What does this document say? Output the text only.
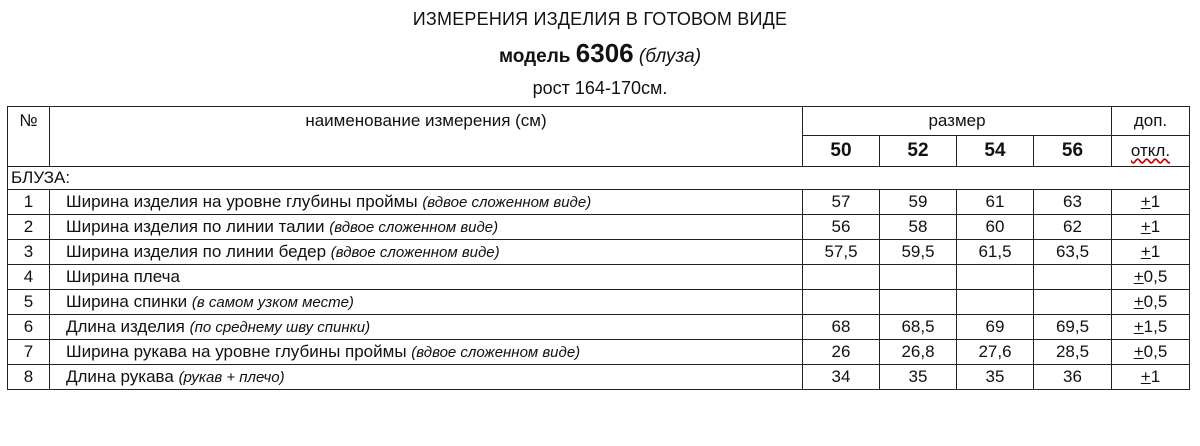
ИЗМЕРЕНИЯ ИЗДЕЛИЯ В ГОТОВОМ ВИДЕ
модель 6306 (блуза)
рост 164-170см.
№	наименование измерения (см)	размер				доп.
		50	52	54	56	откл.
БЛУЗА:						
1	Ширина изделия на уровне глубины проймы (вдвое сложенном виде)	57	59	61	63	+1
2	Ширина изделия по линии талии (вдвое сложенном виде)	56	58	60	62	+1
3	Ширина изделия по линии бедер (вдвое сложенном виде)	57,5	59,5	61,5	63,5	+1
4	Ширина плеча					+0,5
5	Ширина спинки (в самом узком месте)					+0,5
6	Длина изделия (по среднему шву спинки)	68	68,5	69	69,5	+1,5
7	Ширина рукава на уровне глубины проймы (вдвое сложенном виде)	26	26,8	27,6	28,5	+0,5
8	Длина рукава (рукав + плечо)	34	35	35	36	+1
